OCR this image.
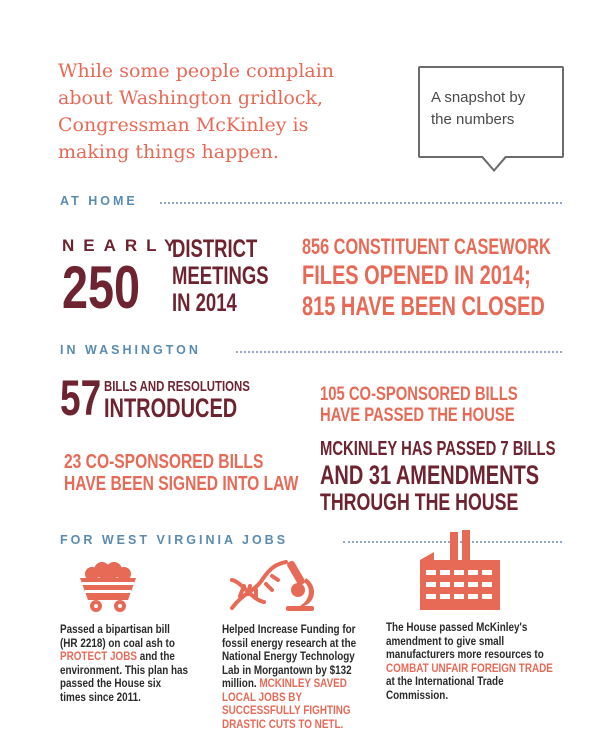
While some people complain
about Washington gridlock,
Congressman McKinley is
making things happen.
A snapshot by
the numbers
AT HOME
NEARLY
250
DISTRICT
MEETINGS
IN 2014
856 CONSTITUENT CASEWORK
FILES OPENED IN 2014;
815 HAVE BEEN CLOSED
IN WASHINGTON
57 BILLS AND RESOLUTIONS
INTRODUCED	105 CO-SPONSORED BILLS
HAVE PASSED THE HOUSE
23 CO-SPONSORED BILLS
HAVE BEEN SIGNED INTO LAW
MCKINLEY HAS PASSED 7 BILLS
AND 31 AMENDMENTS
THROUGH THE HOUSE
FOR WEST VIRGINIA JOBS
Passed a bipartisan bill (HR 2218) on coal ash to PROTECT JOBS and the environment. This plan has passed the House six times since 2011.
Helped Increase Funding for fossil energy research at the National Energy Technology Lab in Morgantown by $132 million. MCKINLEY SAVED LOCAL JOBS BY SUCCESSFULLY FIGHTING DRASTIC CUTS TO NETL.
The House passed McKinley's amendment to give small manufacturers more resources to COMBAT UNFAIR FOREIGN TRADE at the International Trade Commission.
